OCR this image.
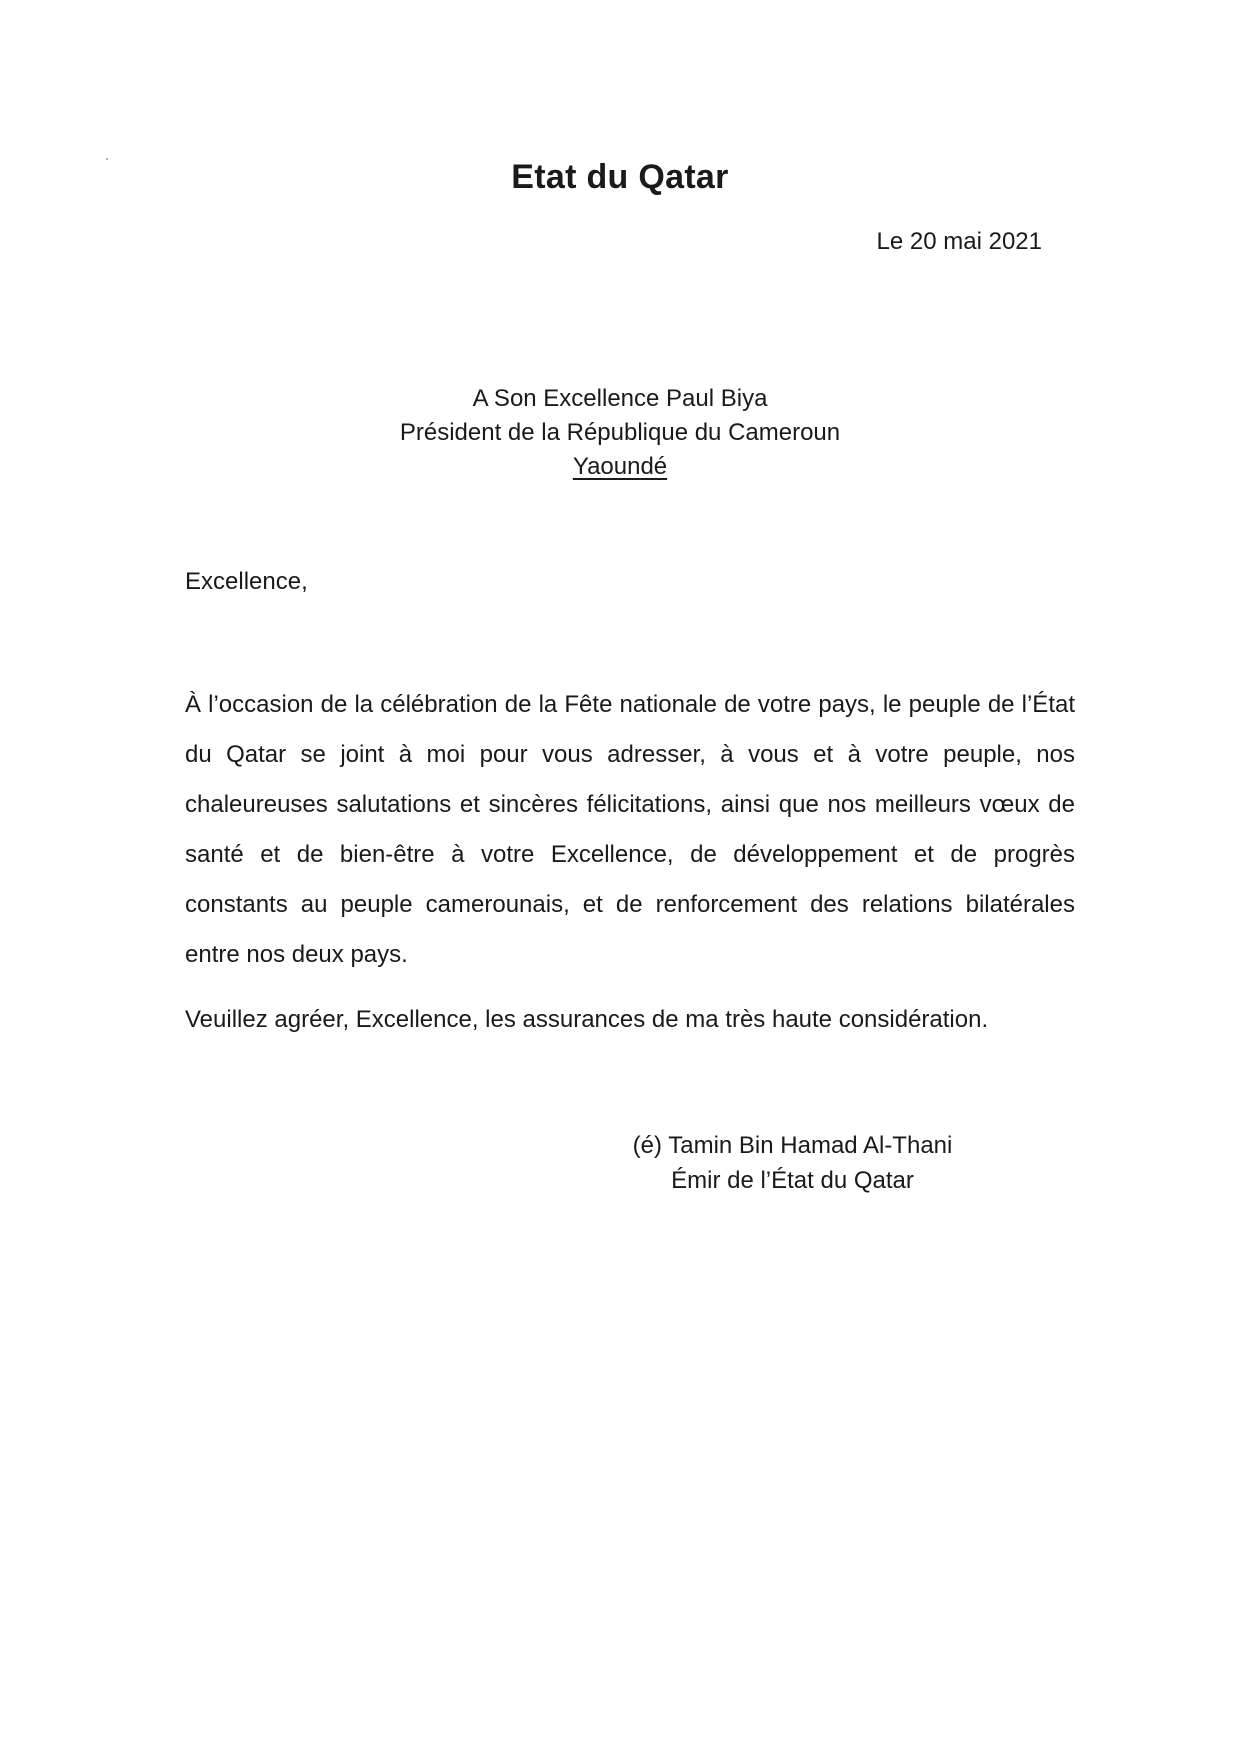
Etat du Qatar
Le 20 mai 2021
A Son Excellence Paul Biya
Président de la République du Cameroun
Yaoundé
Excellence,

À l’occasion de la célébration de la Fête nationale de votre pays, le peuple de l’État du Qatar se joint à moi pour vous adresser, à vous et à votre peuple, nos chaleureuses salutations et sincères félicitations, ainsi que nos meilleurs vœux de santé et de bien-être à votre Excellence, de développement et de progrès constants au peuple camerounais, et de renforcement des relations bilatérales entre nos deux pays.

Veuillez agréer, Excellence, les assurances de ma très haute considération.
(é) Tamin Bin Hamad Al-Thani
Émir de l’État du Qatar
